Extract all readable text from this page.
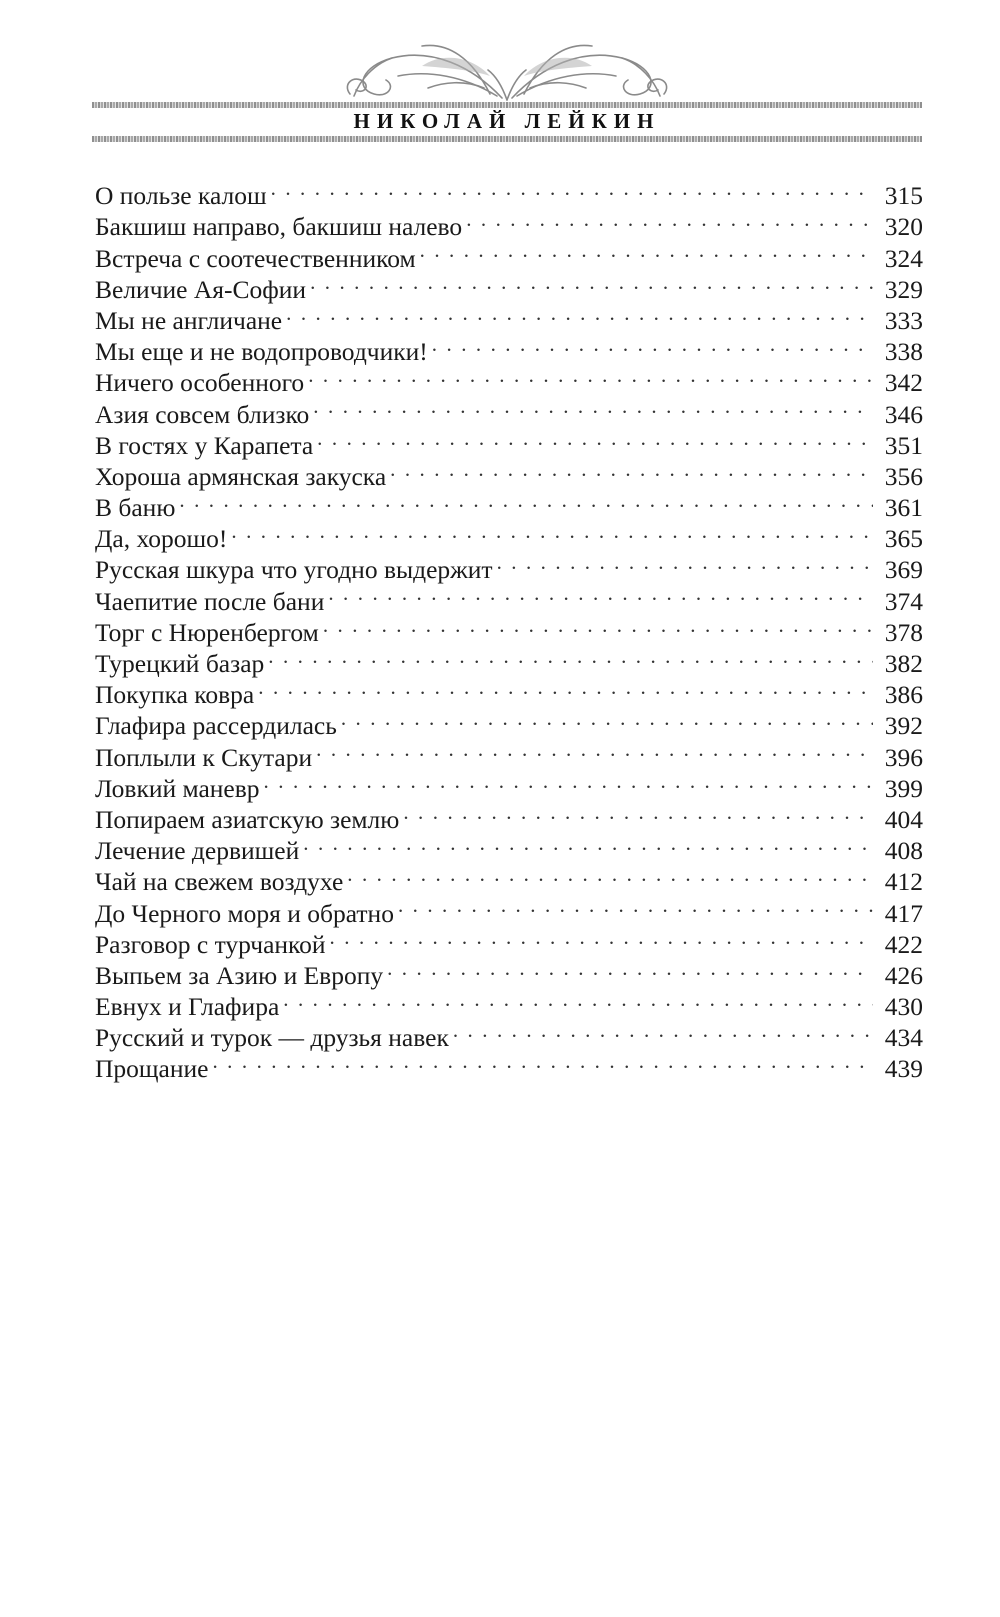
НИКОЛАЙ ЛЕЙКИН
О пользе калош . . .	315
Бакшиш направо, бакшиш налево . . .	320
Встреча с соотечественником . . .	324
Величие Ая-Софии . . .	329
Мы не англичане . . .	333
Мы еще и не водопроводчики! . . .	338
Ничего особенного . . .	342
Азия совсем близко . . .	346
В гостях у Карапета . . .	351
Хороша армянская закуска . . .	356
В баню . . .	361
Да, хорошо! . . .	365
Русская шкура что угодно выдержит . . .	369
Чаепитие после бани . . .	374
Торг с Нюренбергом . . .	378
Турецкий базар . . .	382
Покупка ковра . . .	386
Глафира рассердилась . . .	392
Поплыли к Скутари . . .	396
Ловкий маневр . . .	399
Попираем азиатскую землю . . .	404
Лечение дервишей . . .	408
Чай на свежем воздухе . . .	412
До Черного моря и обратно . . .	417
Разговор с турчанкой . . .	422
Выпьем за Азию и Европу . . .	426
Евнух и Глафира . . .	430
Русский и турок — друзья навек . . .	434
Прощание . . .	439
